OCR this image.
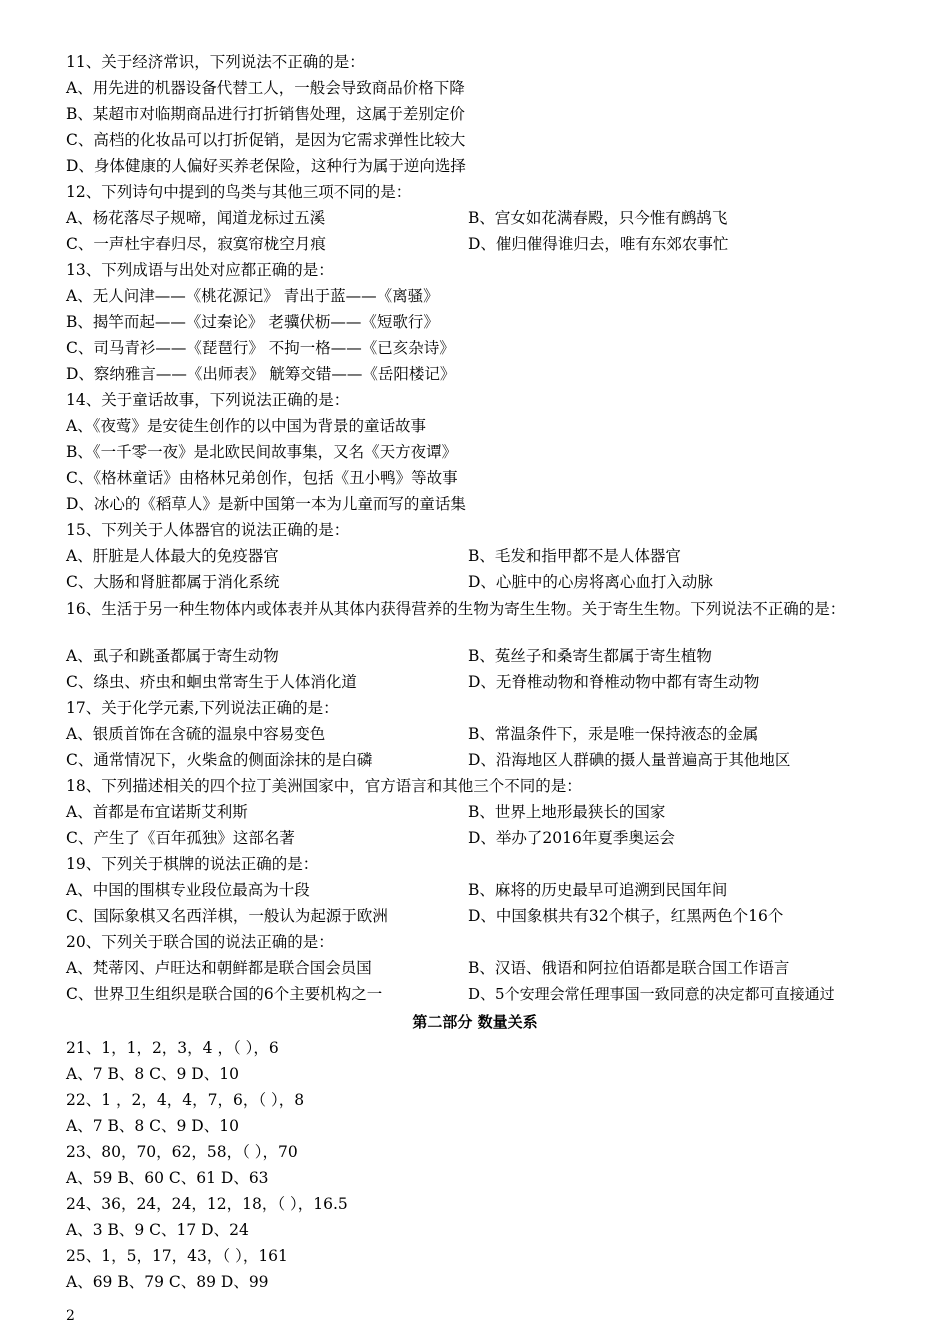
11、关于经济常识，下列说法不正确的是：
A、用先进的机器设备代替工人，一般会导致商品价格下降
B、某超市对临期商品进行打折销售处理，这属于差别定价
C、高档的化妆品可以打折促销，是因为它需求弹性比较大
D、身体健康的人偏好买养老保险，这种行为属于逆向选择
12、下列诗句中提到的鸟类与其他三项不同的是：
A、杨花落尽子规啼，闻道龙标过五溪	B、宫女如花满春殿，只今惟有鹧鸪飞
C、一声杜宇春归尽，寂寞帘栊空月痕	D、催归催得谁归去，唯有东郊农事忙
13、下列成语与出处对应都正确的是：
A、无人问津——《桃花源记》 青出于蓝——《离骚》
B、揭竿而起——《过秦论》 老骥伏枥——《短歌行》
C、司马青衫——《琵琶行》 不拘一格——《已亥杂诗》
D、察纳雅言——《出师表》 觥筹交错——《岳阳楼记》
14、关于童话故事，下列说法正确的是：
A、《夜莺》是安徒生创作的以中国为背景的童话故事
B、《一千零一夜》是北欧民间故事集，又名《天方夜谭》
C、《格林童话》由格林兄弟创作，包括《丑小鸭》等故事
D、冰心的《稻草人》是新中国第一本为儿童而写的童话集
15、下列关于人体器官的说法正确的是：
A、肝脏是人体最大的免疫器官	B、毛发和指甲都不是人体器官
C、大肠和肾脏都属于消化系统	D、心脏中的心房将离心血打入动脉
16、生活于另一种生物体内或体表并从其体内获得营养的生物为寄生生物。关于寄生生物。下列说法不正确的是：
A、虱子和跳蚤都属于寄生动物	B、菟丝子和桑寄生都属于寄生植物
C、绦虫、疥虫和蛔虫常寄生于人体消化道	D、无脊椎动物和脊椎动物中都有寄生动物
17、关于化学元素,下列说法正确的是：
A、银质首饰在含硫的温泉中容易变色	B、常温条件下，汞是唯一保持液态的金属
C、通常情况下，火柴盒的侧面涂抹的是白磷	D、沿海地区人群碘的摄人量普遍高于其他地区
18、下列描述相关的四个拉丁美洲国家中，官方语言和其他三个不同的是：
A、首都是布宜诺斯艾利斯	B、世界上地形最狭长的国家
C、产生了《百年孤独》这部名著	D、举办了2016年夏季奥运会
19、下列关于棋牌的说法正确的是：
A、中国的围棋专业段位最高为十段	B、麻将的历史最早可追溯到民国年间
C、国际象棋又名西洋棋，一般认为起源于欧洲	D、中国象棋共有32个棋子，红黑两色个16个
20、下列关于联合国的说法正确的是：
A、梵蒂冈、卢旺达和朝鲜都是联合国会员国	B、汉语、俄语和阿拉伯语都是联合国工作语言
C、世界卫生组织是联合国的6个主要机构之一	D、5个安理会常任理事国一致同意的决定都可直接通过
第二部分 数量关系
21、1，1，2，3，4 ，（ ），6
A、7 B、8 C、9 D、10
22、1 ，2，4，4，7，6，（ ），8
A、7 B、8 C、9 D、10
23、80，70，62，58，（ ），70
A、59 B、60 C、61 D、63
24、36，24，24，12，18，（ ），16.5
A、3 B、9 C、17 D、24
25、1，5，17，43，（ ），161
A、69 B、79 C、89 D、99
2
